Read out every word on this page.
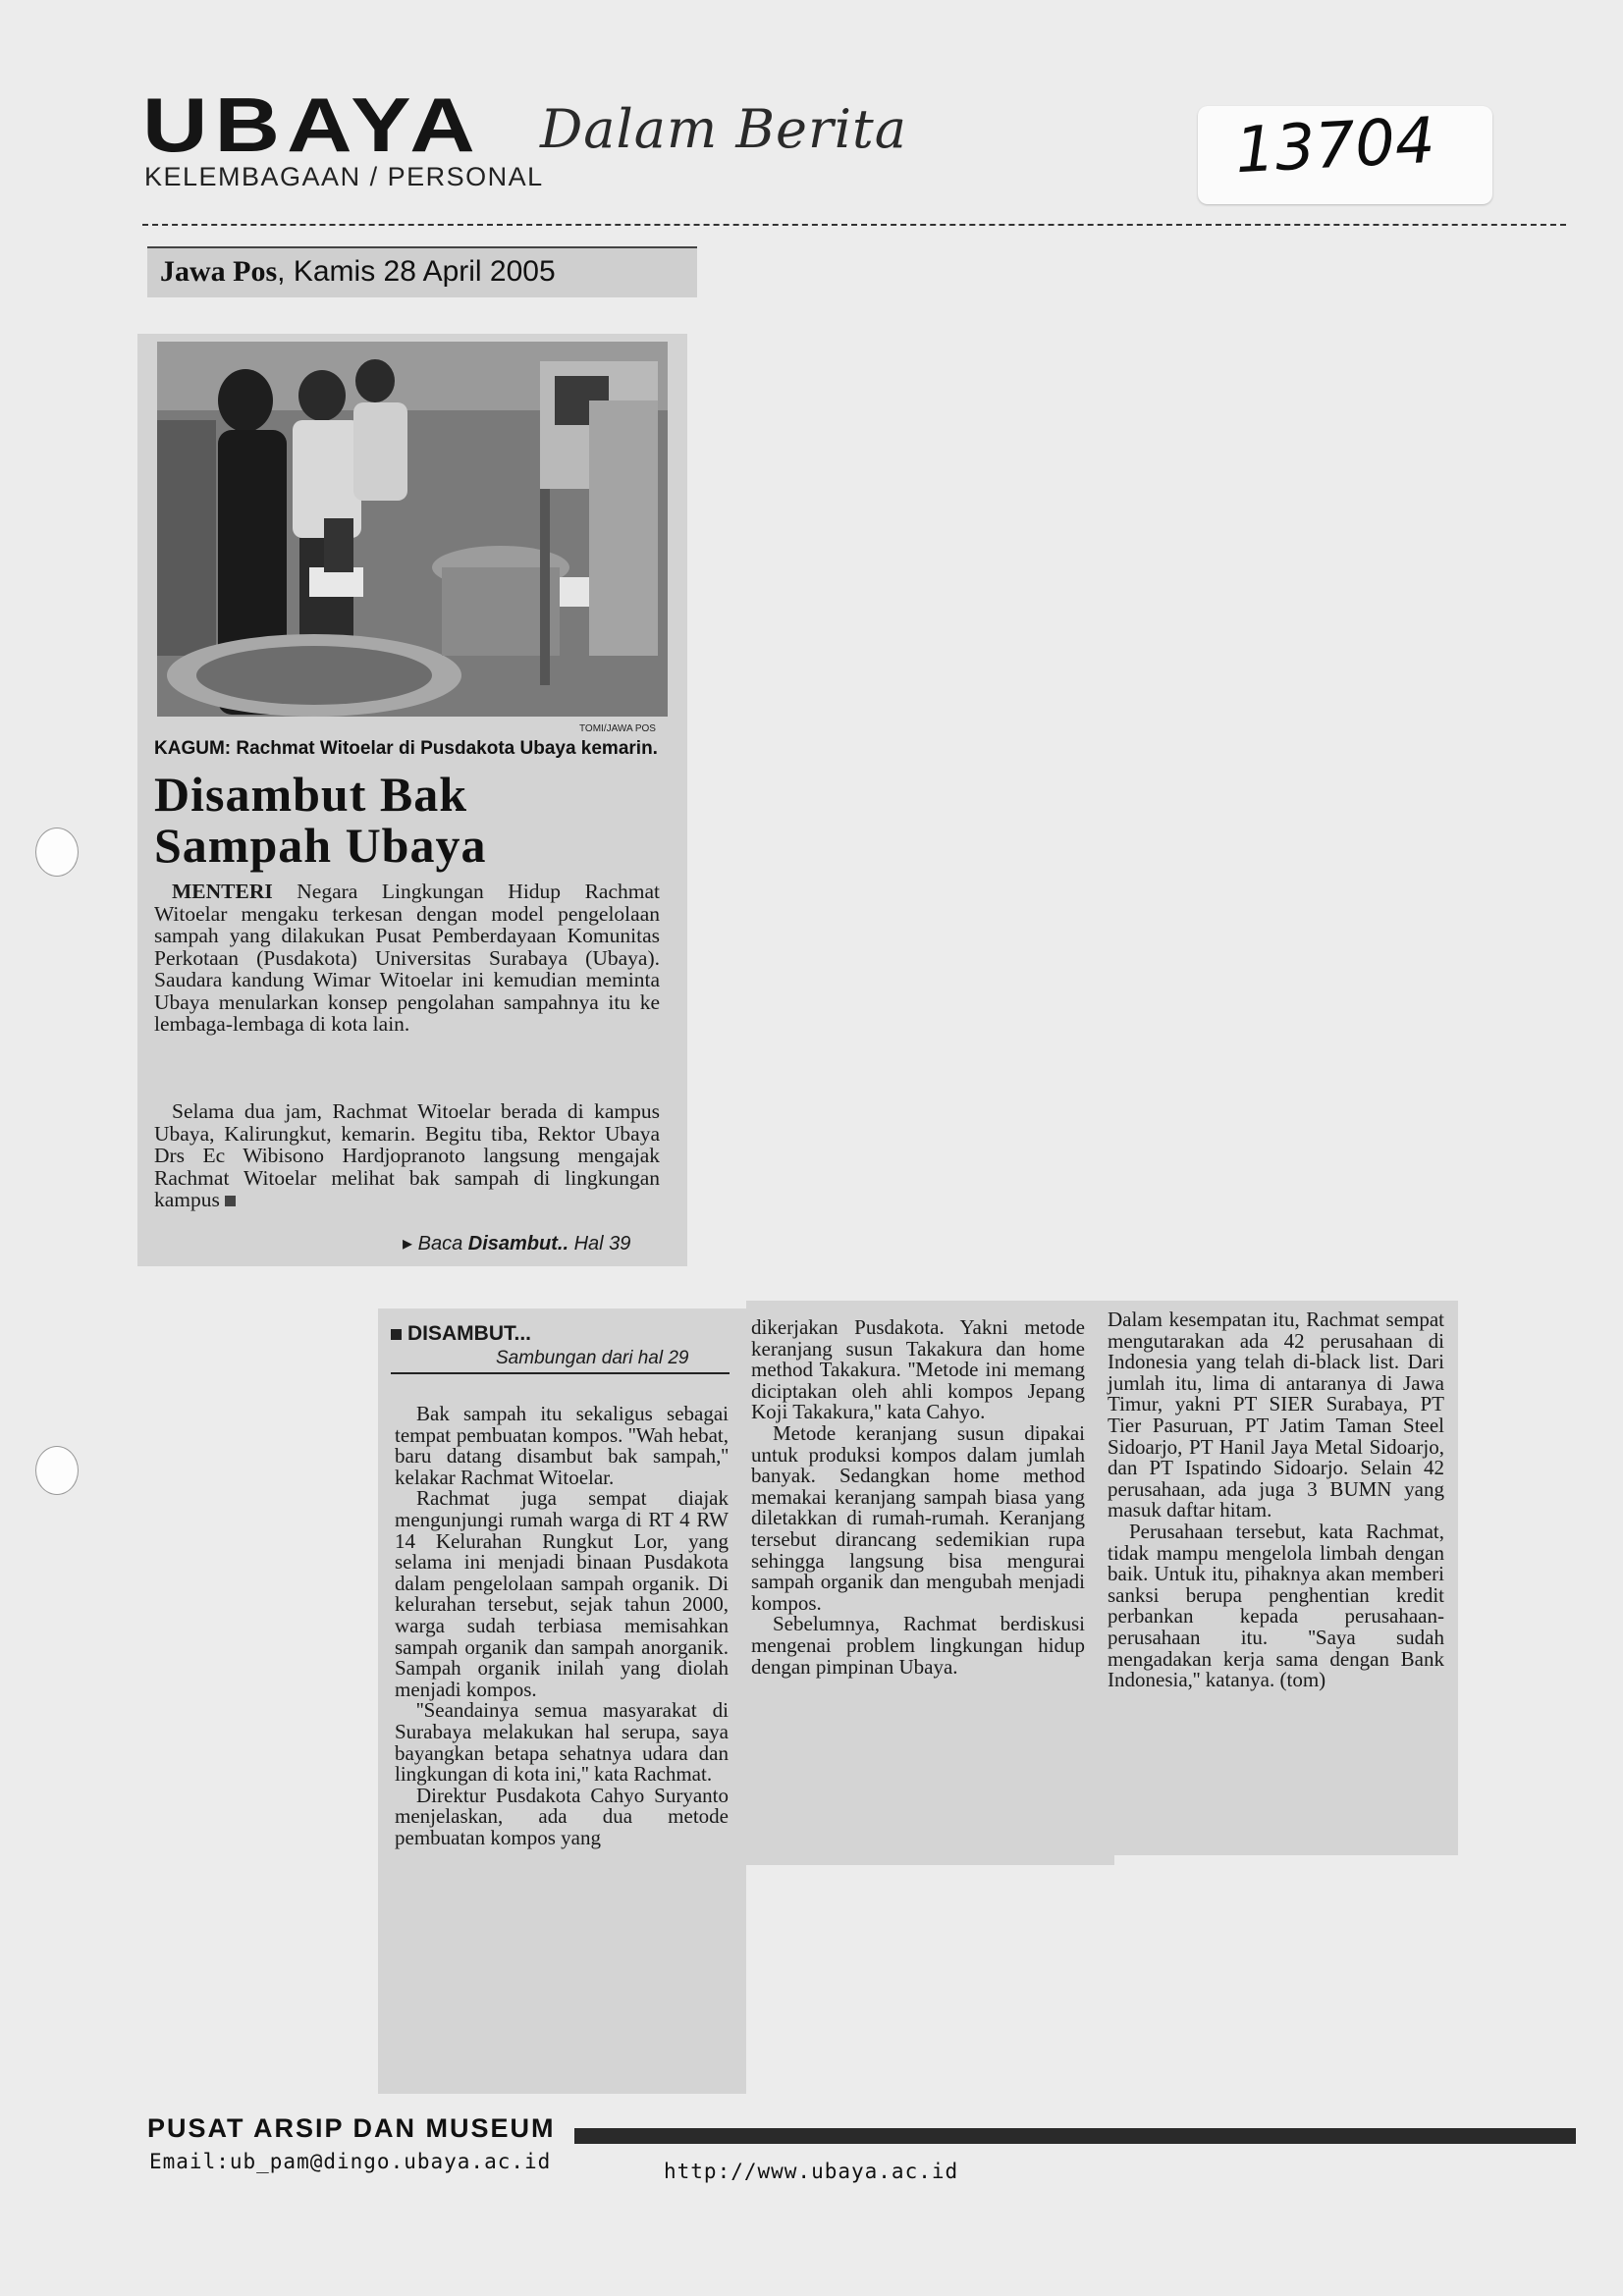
UBAYA Dalam Berita
KELEMBAGAAN / PERSONAL	13704
Jawa Pos, Kamis 28 April 2005
TOMI/JAWA POS
KAGUM: Rachmat Witoelar di Pusdakota Ubaya kemarin.
Disambut Bak
Sampah Ubaya
MENTERI Negara Lingkungan Hidup Rachmat Witoelar mengaku terkesan dengan model pengelolaan sampah yang dilakukan Pusat Pemberdayaan Komunitas Perkotaan (Pusdakota) Universitas Surabaya (Ubaya). Saudara kandung Wimar Witoelar ini kemudian meminta Ubaya menularkan konsep pengolahan sampahnya itu ke lembaga-lembaga di kota lain.
Selama dua jam, Rachmat Witoelar berada di kampus Ubaya, Kalirungkut, kemarin. Begitu tiba, Rektor Ubaya Drs Ec Wibisono Hardjopranoto langsung mengajak Rachmat Witoelar melihat bak sampah di lingkungan kampus
▸ Baca Disambut.. Hal 39
DISAMBUT...
Sambungan dari hal 29

Bak sampah itu sekaligus sebagai tempat pembuatan kompos. ''Wah hebat, baru datang disambut bak sampah,'' kelakar Rachmat Witoelar.

Rachmat juga sempat diajak mengunjungi rumah warga di RT 4 RW 14 Kelurahan Rungkut Lor, yang selama ini menjadi binaan Pusdakota dalam pengelolaan sampah organik. Di kelurahan tersebut, sejak tahun 2000, warga sudah terbiasa memisahkan sampah organik dan sampah anorganik. Sampah organik inilah yang diolah menjadi kompos.

''Seandainya semua masyarakat di Surabaya melakukan hal serupa, saya bayangkan betapa sehatnya udara dan lingkungan di kota ini,'' kata Rachmat.

Direktur Pusdakota Cahyo Suryanto menjelaskan, ada dua metode pembuatan kompos yang

dikerjakan Pusdakota. Yakni metode keranjang susun Takakura dan home method Takakura. ''Metode ini memang diciptakan oleh ahli kompos Jepang Koji Takakura,'' kata Cahyo.

Metode keranjang susun dipakai untuk produksi kompos dalam jumlah banyak. Sedangkan home method memakai keranjang sampah biasa yang diletakkan di rumah-rumah. Keranjang tersebut dirancang sedemikian rupa sehingga langsung bisa mengurai sampah organik dan mengubah menjadi kompos.

Sebelumnya, Rachmat berdiskusi mengenai problem lingkungan hidup dengan pimpinan Ubaya.

Dalam kesempatan itu, Rachmat sempat mengutarakan ada 42 perusahaan di Indonesia yang telah di-black list. Dari jumlah itu, lima di antaranya di Jawa Timur, yakni PT SIER Surabaya, PT Tier Pasuruan, PT Jatim Taman Steel Sidoarjo, PT Hanil Jaya Metal Sidoarjo, dan PT Ispatindo Sidoarjo. Selain 42 perusahaan, ada juga 3 BUMN yang masuk daftar hitam.

Perusahaan tersebut, kata Rachmat, tidak mampu mengelola limbah dengan baik. Untuk itu, pihaknya akan memberi sanksi berupa penghentian kredit perbankan kepada perusahaan-perusahaan itu. ''Saya sudah mengadakan kerja sama dengan Bank Indonesia,'' katanya. (tom)

PUSAT ARSIP DAN MUSEUM
Email:ub_pam@dingo.ubaya.ac.id	http://www.ubaya.ac.id
